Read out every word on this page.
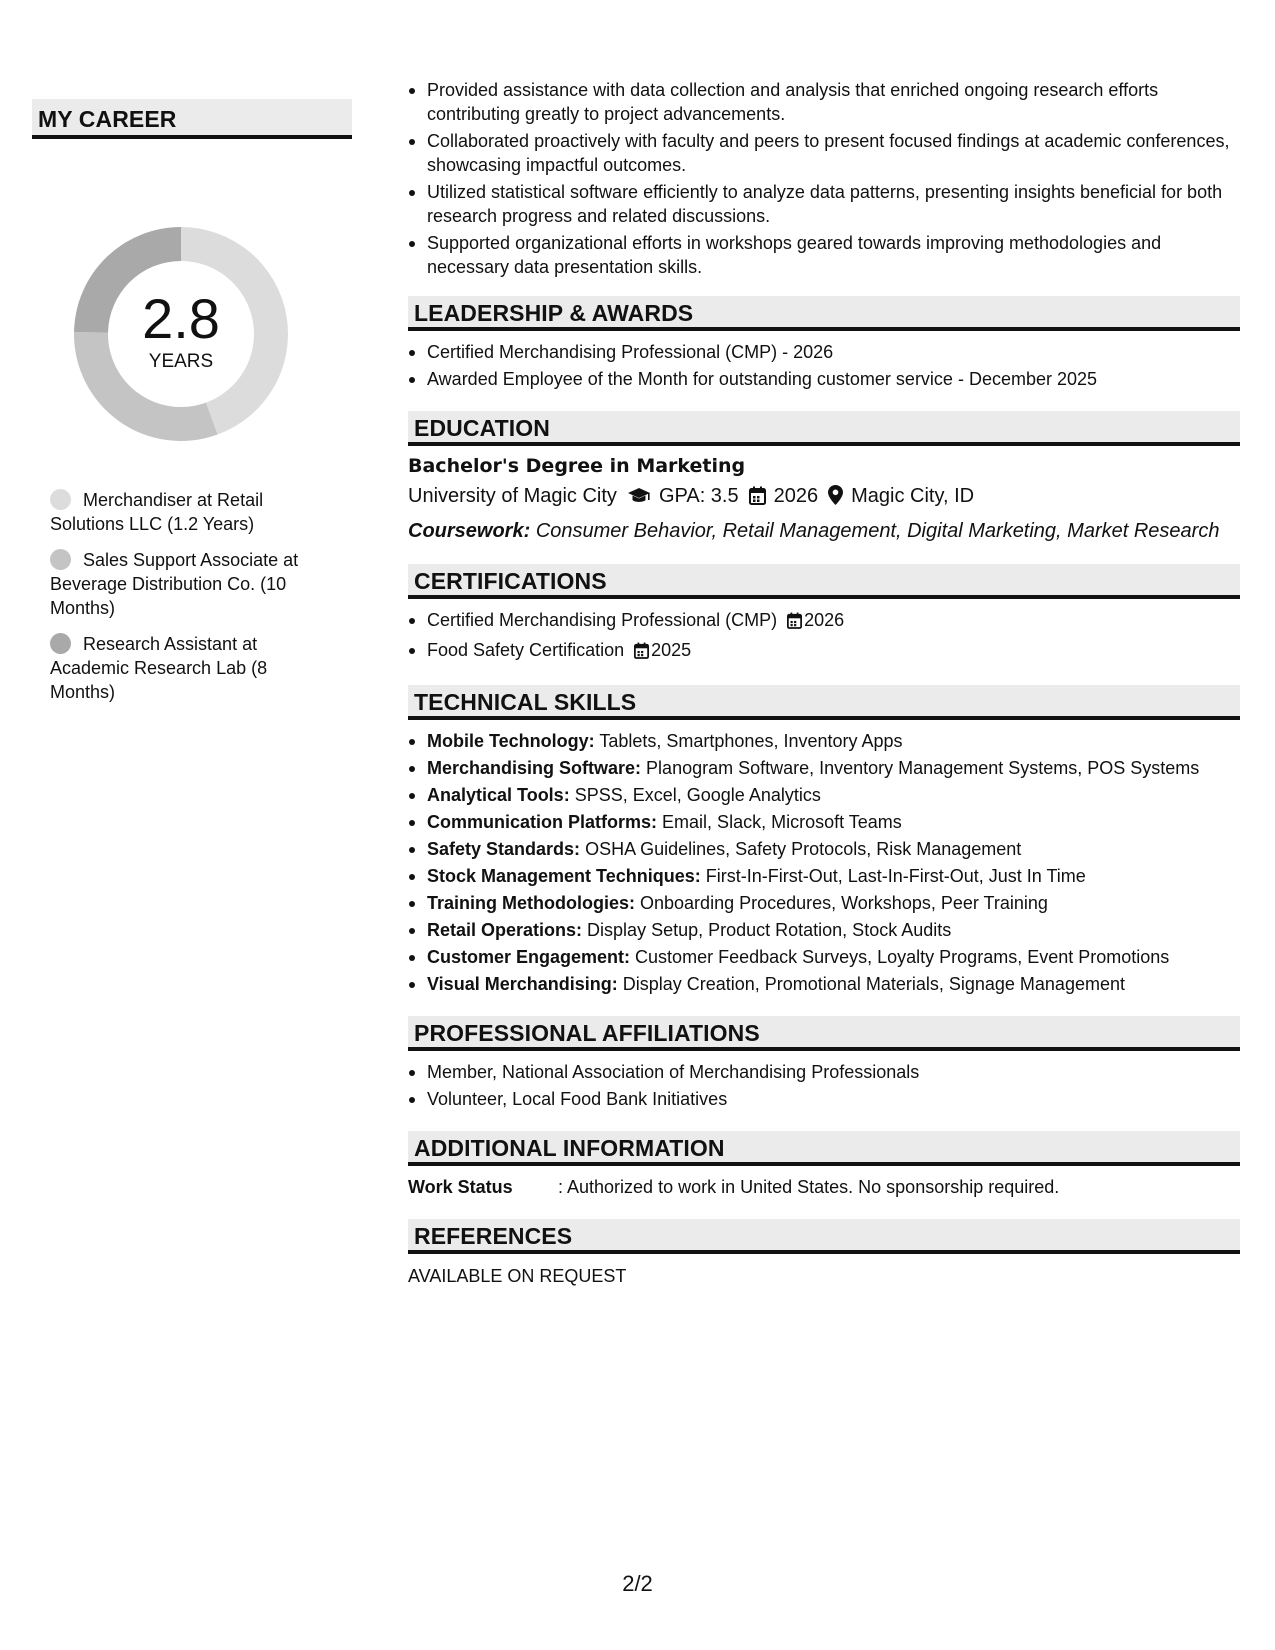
MY CAREER
2.8
YEARS
Merchandiser at Retail Solutions LLC (1.2 Years)
Sales Support Associate at Beverage Distribution Co. (10 Months)
Research Assistant at Academic Research Lab (8 Months)
Provided assistance with data collection and analysis that enriched ongoing research efforts contributing greatly to project advancements.
Collaborated proactively with faculty and peers to present focused findings at academic conferences, showcasing impactful outcomes.
Utilized statistical software efficiently to analyze data patterns, presenting insights beneficial for both research progress and related discussions.
Supported organizational efforts in workshops geared towards improving methodologies and necessary data presentation skills.
LEADERSHIP & AWARDS
Certified Merchandising Professional (CMP) - 2026
Awarded Employee of the Month for outstanding customer service - December 2025
EDUCATION
Bachelor's Degree in Marketing
University of Magic City GPA: 3.5 2026 Magic City, ID
Coursework: Consumer Behavior, Retail Management, Digital Marketing, Market Research
CERTIFICATIONS
Certified Merchandising Professional (CMP) 2026
Food Safety Certification 2025
TECHNICAL SKILLS
Mobile Technology: Tablets, Smartphones, Inventory Apps
Merchandising Software: Planogram Software, Inventory Management Systems, POS Systems
Analytical Tools: SPSS, Excel, Google Analytics
Communication Platforms: Email, Slack, Microsoft Teams
Safety Standards: OSHA Guidelines, Safety Protocols, Risk Management
Stock Management Techniques: First-In-First-Out, Last-In-First-Out, Just In Time
Training Methodologies: Onboarding Procedures, Workshops, Peer Training
Retail Operations: Display Setup, Product Rotation, Stock Audits
Customer Engagement: Customer Feedback Surveys, Loyalty Programs, Event Promotions
Visual Merchandising: Display Creation, Promotional Materials, Signage Management
PROFESSIONAL AFFILIATIONS
Member, National Association of Merchandising Professionals
Volunteer, Local Food Bank Initiatives
ADDITIONAL INFORMATION
Work Status	: Authorized to work in United States. No sponsorship required.
REFERENCES
AVAILABLE ON REQUEST
2/2
